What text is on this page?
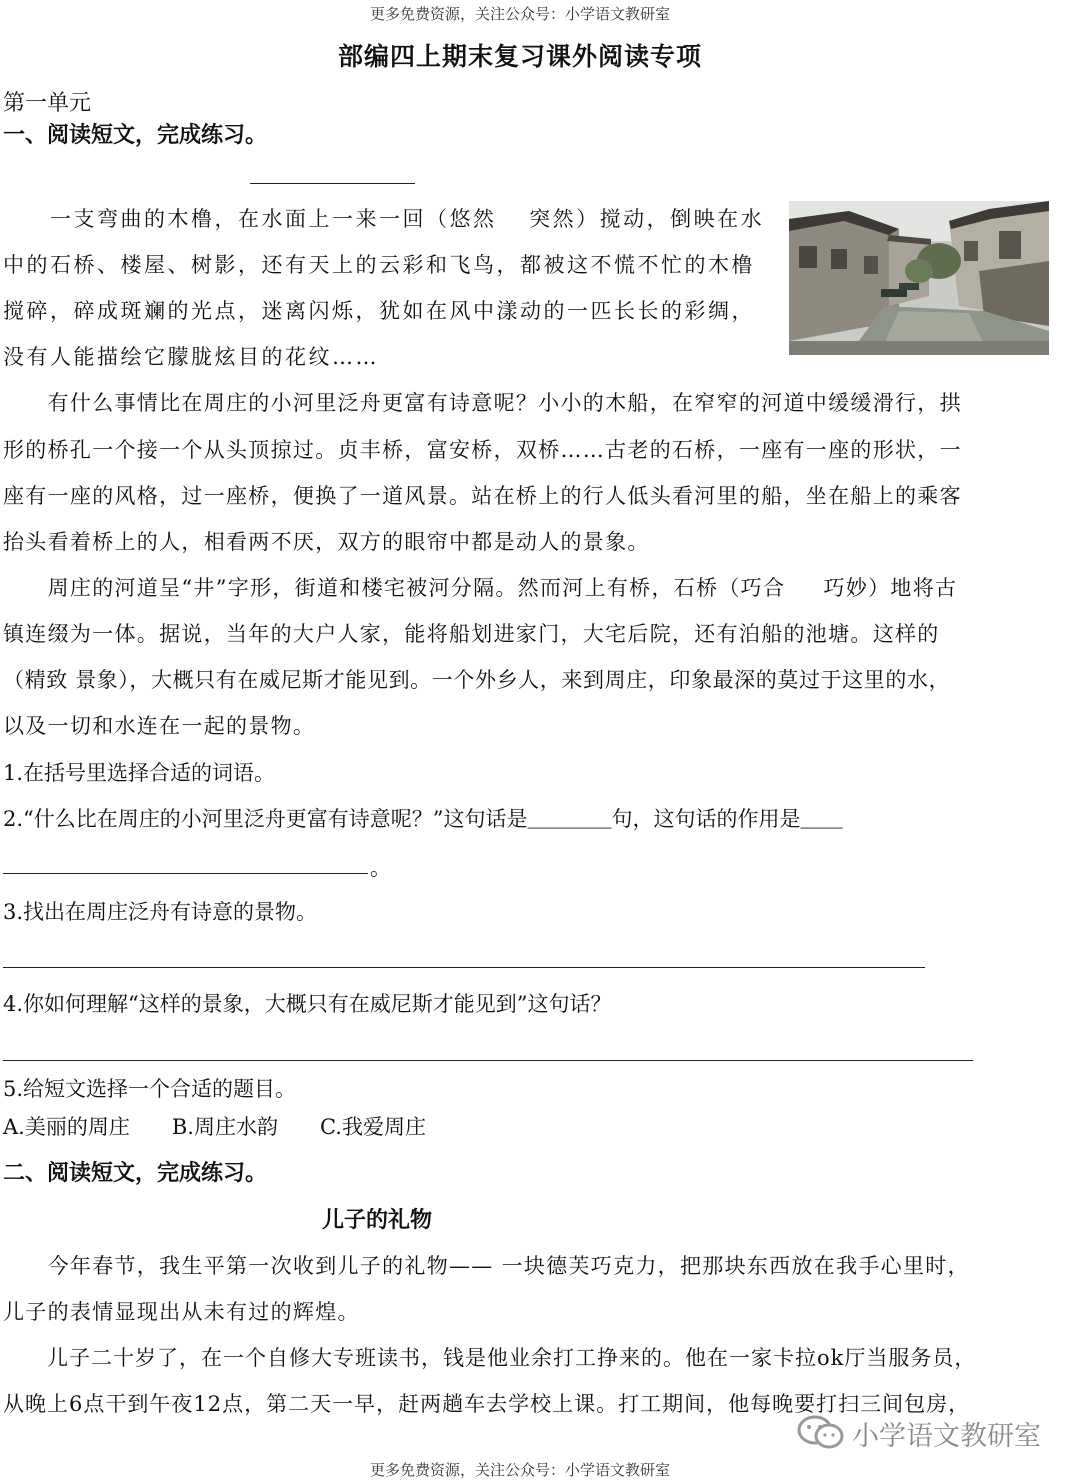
更多免费资源，关注公众号：小学语文教研室
更多免费资源，关注公众号：小学语文教研室
部编四上期末复习课外阅读专项
第一单元
一、阅读短文，完成练习。
　　一支弯曲的木橹，在水面上一来一回（悠然　 突然）搅动，倒映在水
中的石桥、楼屋、树影，还有天上的云彩和飞鸟，都被这不慌不忙的木橹
搅碎，碎成斑斓的光点，迷离闪烁，犹如在风中漾动的一匹长长的彩绸，
没有人能描绘它朦胧炫目的花纹……
　　有什么事情比在周庄的小河里泛舟更富有诗意呢？小小的木船，在窄窄的河道中缓缓滑行，拱
形的桥孔一个接一个从头顶掠过。贞丰桥，富安桥，双桥……古老的石桥，一座有一座的形状，一
座有一座的风格，过一座桥，便换了一道风景。站在桥上的行人低头看河里的船，坐在船上的乘客
抬头看着桥上的人，相看两不厌，双方的眼帘中都是动人的景象。
　　周庄的河道呈“井”字形，街道和楼宅被河分隔。然而河上有桥，石桥（巧合 　 巧妙）地将古
镇连缀为一体。据说，当年的大户人家，能将船划进家门，大宅后院，还有泊船的池塘。这样的
（精致 景象），大概只有在威尼斯才能见到。一个外乡人，来到周庄，印象最深的莫过于这里的水，
以及一切和水连在一起的景物。
1.在括号里选择合适的词语。
2.“什么比在周庄的小河里泛舟更富有诗意呢？”这句话是＿＿＿＿句，这句话的作用是＿＿
。
3.找出在周庄泛舟有诗意的景物。
4.你如何理解“这样的景象，大概只有在威尼斯才能见到”这句话？
5.给短文选择一个合适的题目。
A.美丽的周庄　　B.周庄水韵　　C.我爱周庄
二、阅读短文，完成练习。
儿子的礼物
　　今年春节，我生平第一次收到儿子的礼物—— 一块德芙巧克力，把那块东西放在我手心里时，
儿子的表情显现出从未有过的辉煌。
　　儿子二十岁了，在一个自修大专班读书，钱是他业余打工挣来的。他在一家卡拉ok厅当服务员，
从晚上6点干到午夜12点，第二天一早，赶两趟车去学校上课。打工期间，他每晚要打扫三间包房，
小学语文教研室
